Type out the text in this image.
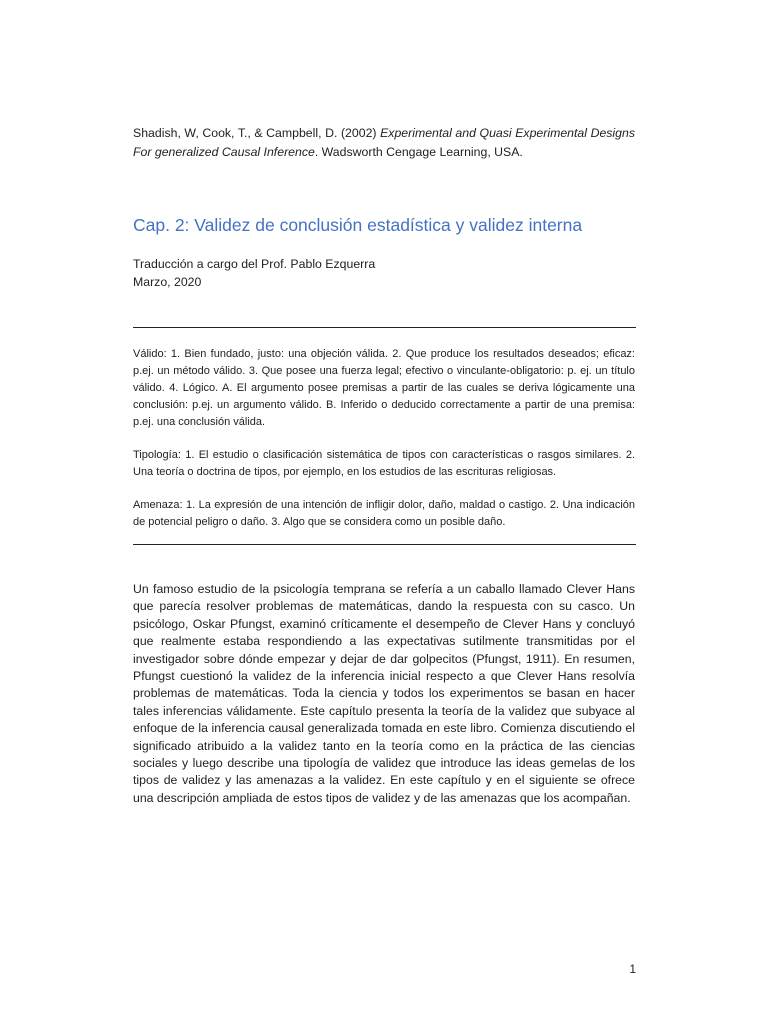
Shadish, W, Cook, T., & Campbell, D. (2002) Experimental and Quasi Experimental Designs For generalized Causal Inference. Wadsworth Cengage Learning, USA.
Cap. 2: Validez de conclusión estadística y validez interna
Traducción a cargo del Prof. Pablo Ezquerra
Marzo, 2020

Válido: 1. Bien fundado, justo: una objeción válida. 2. Que produce los resultados deseados; eficaz: p.ej. un método válido. 3. Que posee una fuerza legal; efectivo o vinculante-obligatorio: p. ej. un título válido. 4. Lógico. A. El argumento posee premisas a partir de las cuales se deriva lógicamente una conclusión: p.ej. un argumento válido. B. Inferido o deducido correctamente a partir de una premisa: p.ej. una conclusión válida.

Tipología: 1. El estudio o clasificación sistemática de tipos con características o rasgos similares. 2. Una teoría o doctrina de tipos, por ejemplo, en los estudios de las escrituras religiosas.

Amenaza: 1. La expresión de una intención de infligir dolor, daño, maldad o castigo. 2. Una indicación de potencial peligro o daño. 3. Algo que se considera como un posible daño.

Un famoso estudio de la psicología temprana se refería a un caballo llamado Clever Hans que parecía resolver problemas de matemáticas, dando la respuesta con su casco. Un psicólogo, Oskar Pfungst, examinó críticamente el desempeño de Clever Hans y concluyó que realmente estaba respondiendo a las expectativas sutilmente transmitidas por el investigador sobre dónde empezar y dejar de dar golpecitos (Pfungst, 1911). En resumen, Pfungst cuestionó la validez de la inferencia inicial respecto a que Clever Hans resolvía problemas de matemáticas. Toda la ciencia y todos los experimentos se basan en hacer tales inferencias válidamente. Este capítulo presenta la teoría de la validez que subyace al enfoque de la inferencia causal generalizada tomada en este libro. Comienza discutiendo el significado atribuido a la validez tanto en la teoría como en la práctica de las ciencias sociales y luego describe una tipología de validez que introduce las ideas gemelas de los tipos de validez y las amenazas a la validez. En este capítulo y en el siguiente se ofrece una descripción ampliada de estos tipos de validez y de las amenazas que los acompañan.

1
